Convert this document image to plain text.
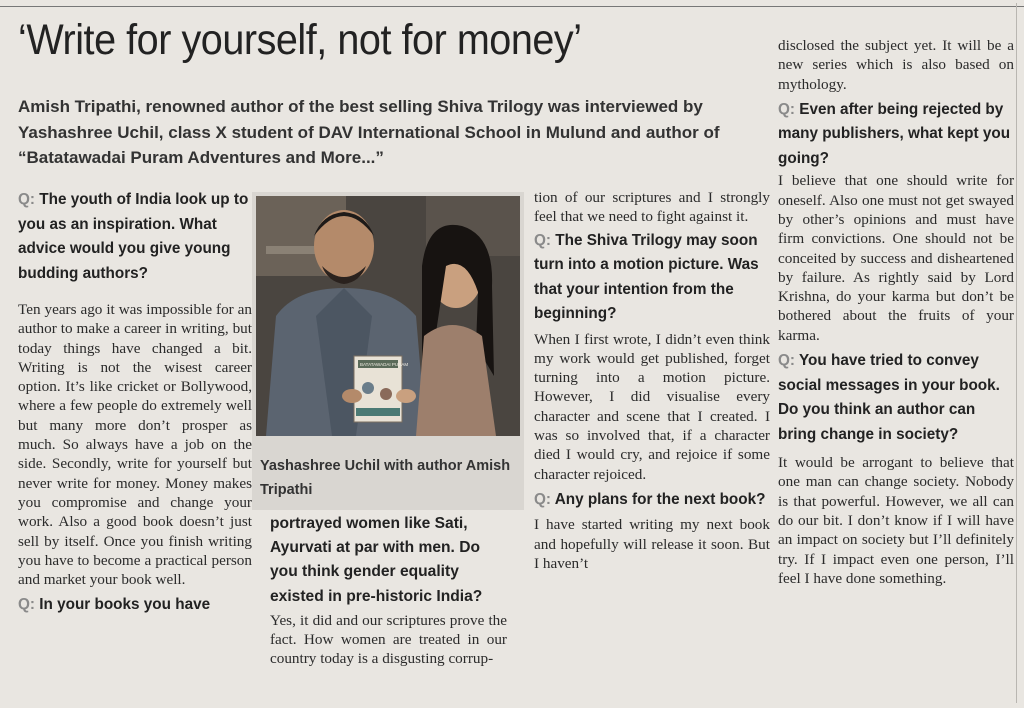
‘Write for yourself, not for money’
Amish Tripathi, renowned author of the best selling Shiva Trilogy was interviewed by Yashashree Uchil, class X student of DAV International School in Mulund and author of “Batatawadai Puram Adventures and More...”

Q: The youth of India look up to you as an inspiration. What advice would you give young budding authors?

Ten years ago it was impossible for an author to make a career in writing, but today things have changed a bit. Writing is not the wisest career option. It’s like cricket or Bollywood, where a few people do extremely well but many more don’t prosper as much. So always have a job on the side. Secondly, write for yourself but never write for money. Money makes you compromise and change your work. Also a good book doesn’t just sell by itself. Once you finish writing you have to become a practical person and market your book well.

Q: In your books you have

BATATAWADAI PURAM
Yashashree Uchil with author Amish Tripathi

portrayed women like Sati, Ayurvati at par with men. Do you think gender equality existed in pre-historic India?

Yes, it did and our scriptures prove the fact. How women are treated in our country today is a disgusting corrup-

tion of our scriptures and I strongly feel that we need to fight against it.

Q: The Shiva Trilogy may soon turn into a motion picture. Was that your intention from the beginning?

When I first wrote, I didn’t even think my work would get published, forget turning into a motion picture. However, I did visualise every character and scene that I created. I was so involved that, if a character died I would cry, and rejoice if some character rejoiced.

Q: Any plans for the next book?

I have started writing my next book and hopefully will release it soon. But I haven’t

disclosed the subject yet. It will be a new series which is also based on mythology.

Q: Even after being rejected by many publishers, what kept you going?

I believe that one should write for oneself. Also one must not get swayed by other’s opinions and must have firm convictions. One should not be conceited by success and disheartened by failure. As rightly said by Lord Krishna, do your karma but don’t be bothered about the fruits of your karma.

Q: You have tried to convey social messages in your book. Do you think an author can bring change in society?

It would be arrogant to believe that one man can change society. Nobody is that powerful. However, we all can do our bit. I don’t know if I will have an impact on society but I’ll definitely try. If I impact even one person, I’ll feel I have done something.
